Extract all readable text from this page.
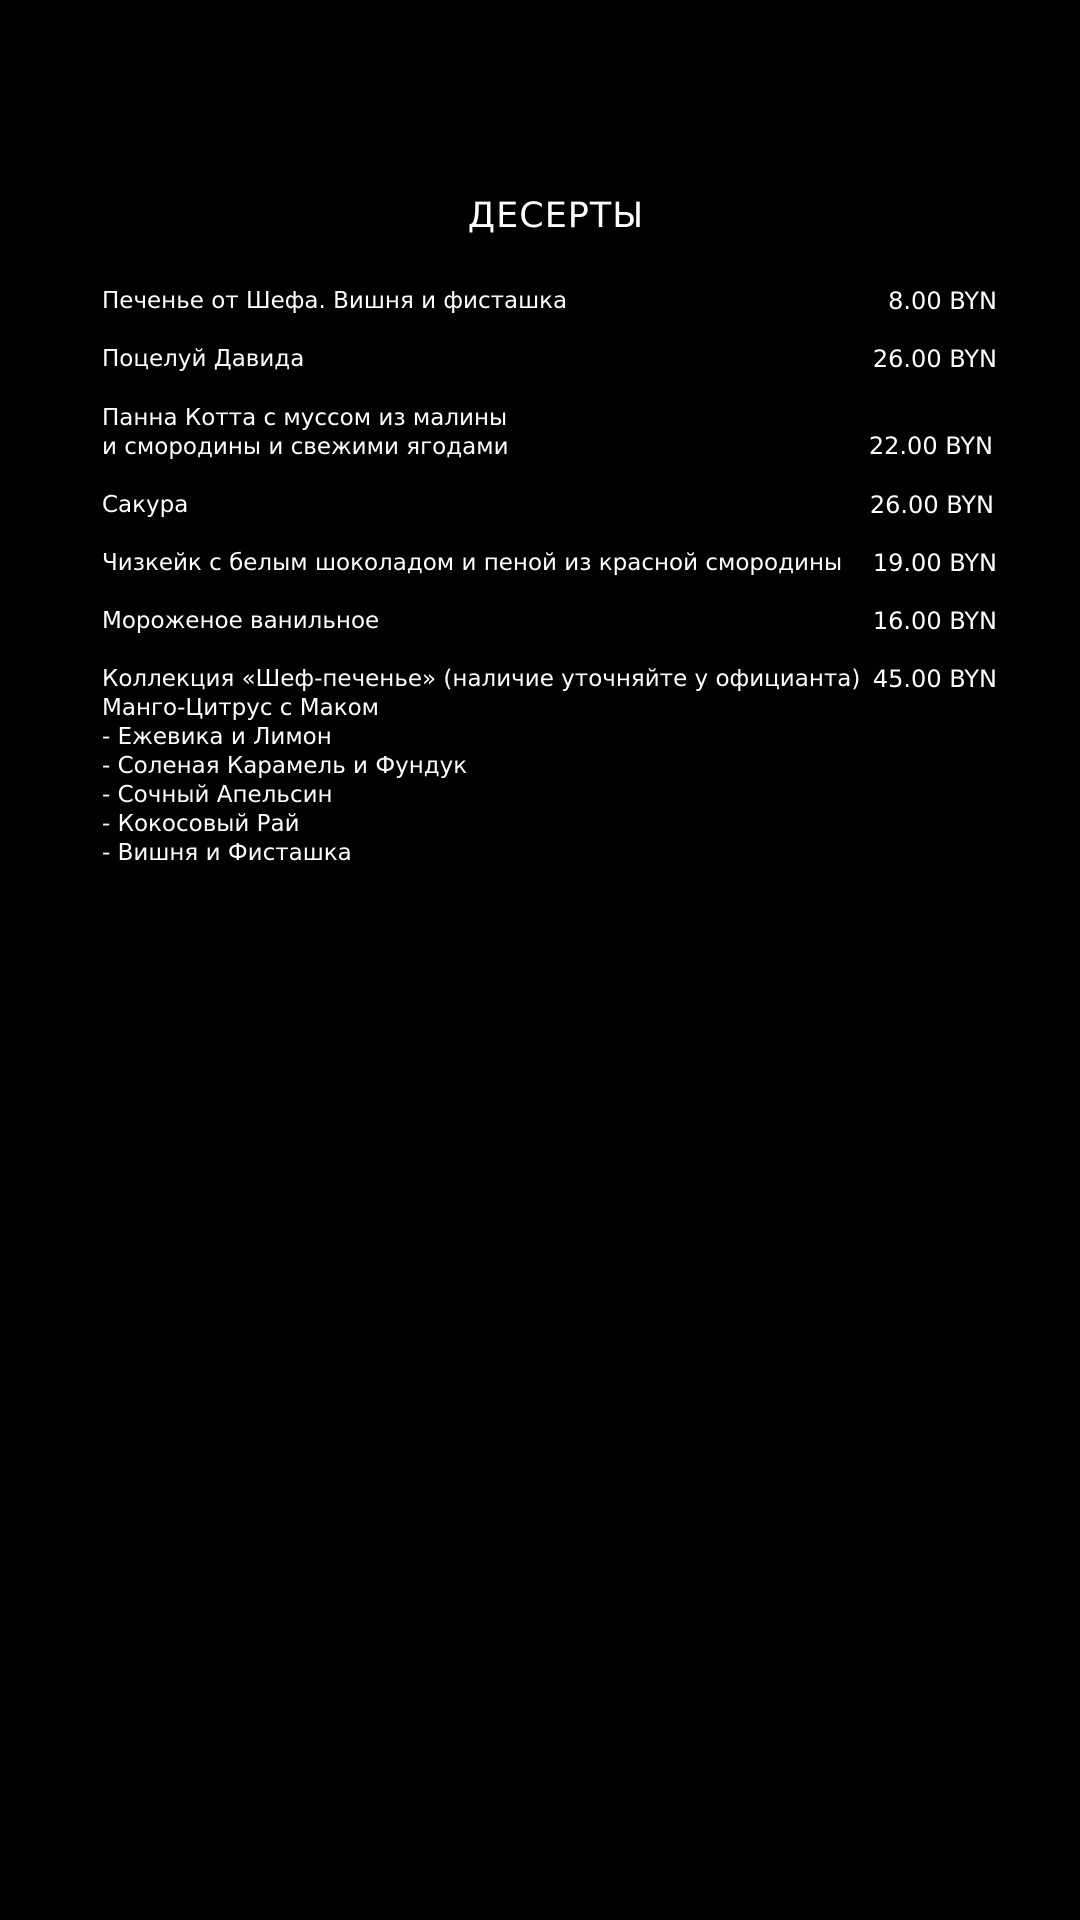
ДЕСЕРТЫ
Печенье от Шефа. Вишня и фисташка	8.00 BYN
Поцелуй Давида	26.00 BYN
Панна Котта с муссом из малины
и смородины и свежими ягодами	22.00 BYN
Сакура	26.00 BYN
Чизкейк с белым шоколадом и пеной из красной смородины	19.00 BYN
Мороженое ванильное	16.00 BYN
Коллекция «Шеф-печенье» (наличие уточняйте у официанта) 45.00 BYN
Манго-Цитрус с Маком
- Ежевика и Лимон
- Соленая Карамель и Фундук
- Сочный Апельсин
- Кокосовый Рай
- Вишня и Фисташка
